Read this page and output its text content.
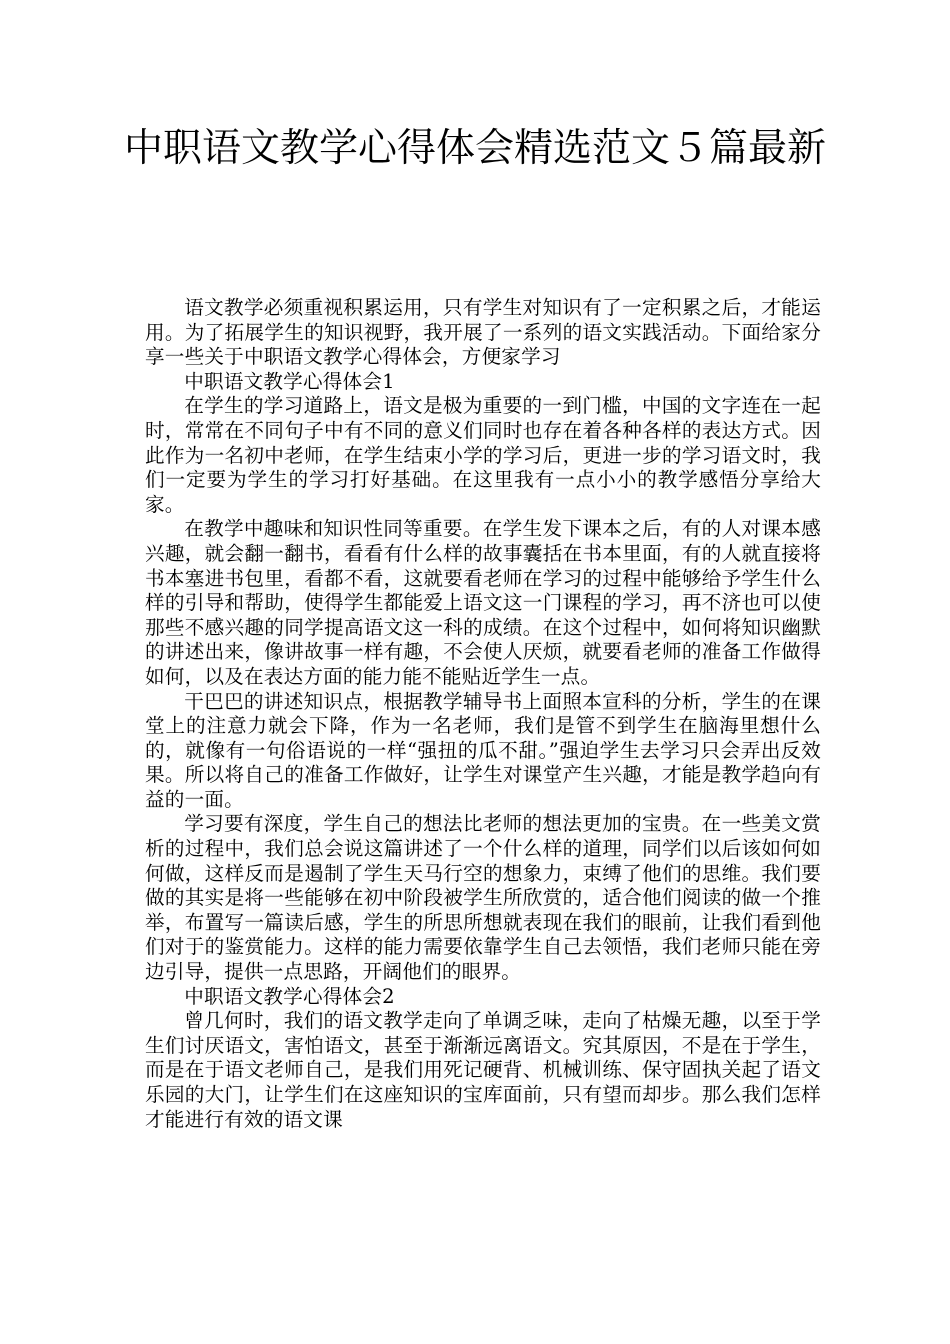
中职语文教学心得体会精选范文５篇最新

语文教学必须重视积累运用，只有学生对知识有了一定积累之后，才能运用。为了拓展学生的知识视野，我开展了一系列的语文实践活动。下面给家分享一些关于中职语文教学心得体会，方便家学习

中职语文教学心得体会1

在学生的学习道路上，语文是极为重要的一到门槛，中国的文字连在一起时，常常在不同句子中有不同的意义们同时也存在着各种各样的表达方式。因此作为一名初中老师，在学生结束小学的学习后，更进一步的学习语文时，我们一定要为学生的学习打好基础。在这里我有一点小小的教学感悟分享给大家。

在教学中趣味和知识性同等重要。在学生发下课本之后，有的人对课本感兴趣，就会翻一翻书，看看有什么样的故事囊括在书本里面，有的人就直接将书本塞进书包里，看都不看，这就要看老师在学习的过程中能够给予学生什么样的引导和帮助，使得学生都能爱上语文这一门课程的学习，再不济也可以使那些不感兴趣的同学提高语文这一科的成绩。在这个过程中，如何将知识幽默的讲述出来，像讲故事一样有趣，不会使人厌烦，就要看老师的准备工作做得如何，以及在表达方面的能力能不能贴近学生一点。

干巴巴的讲述知识点，根据教学辅导书上面照本宣科的分析，学生的在课堂上的注意力就会下降，作为一名老师，我们是管不到学生在脑海里想什么的，就像有一句俗语说的一样“强扭的瓜不甜。”强迫学生去学习只会弄出反效果。所以将自己的准备工作做好，让学生对课堂产生兴趣，才能是教学趋向有益的一面。

学习要有深度，学生自己的想法比老师的想法更加的宝贵。在一些美文赏析的过程中，我们总会说这篇讲述了一个什么样的道理，同学们以后该如何如何做，这样反而是遏制了学生天马行空的想象力，束缚了他们的思维。我们要做的其实是将一些能够在初中阶段被学生所欣赏的，适合他们阅读的做一个推举，布置写一篇读后感，学生的所思所想就表现在我们的眼前，让我们看到他们对于的鉴赏能力。这样的能力需要依靠学生自己去领悟，我们老师只能在旁边引导，提供一点思路，开阔他们的眼界。

中职语文教学心得体会2

曾几何时，我们的语文教学走向了单调乏味，走向了枯燥无趣，以至于学生们讨厌语文，害怕语文，甚至于渐渐远离语文。究其原因，不是在于学生，而是在于语文老师自己，是我们用死记硬背、机械训练、保守固执关起了语文乐园的大门，让学生们在这座知识的宝库面前，只有望而却步。那么我们怎样才能进行有效的语文课
